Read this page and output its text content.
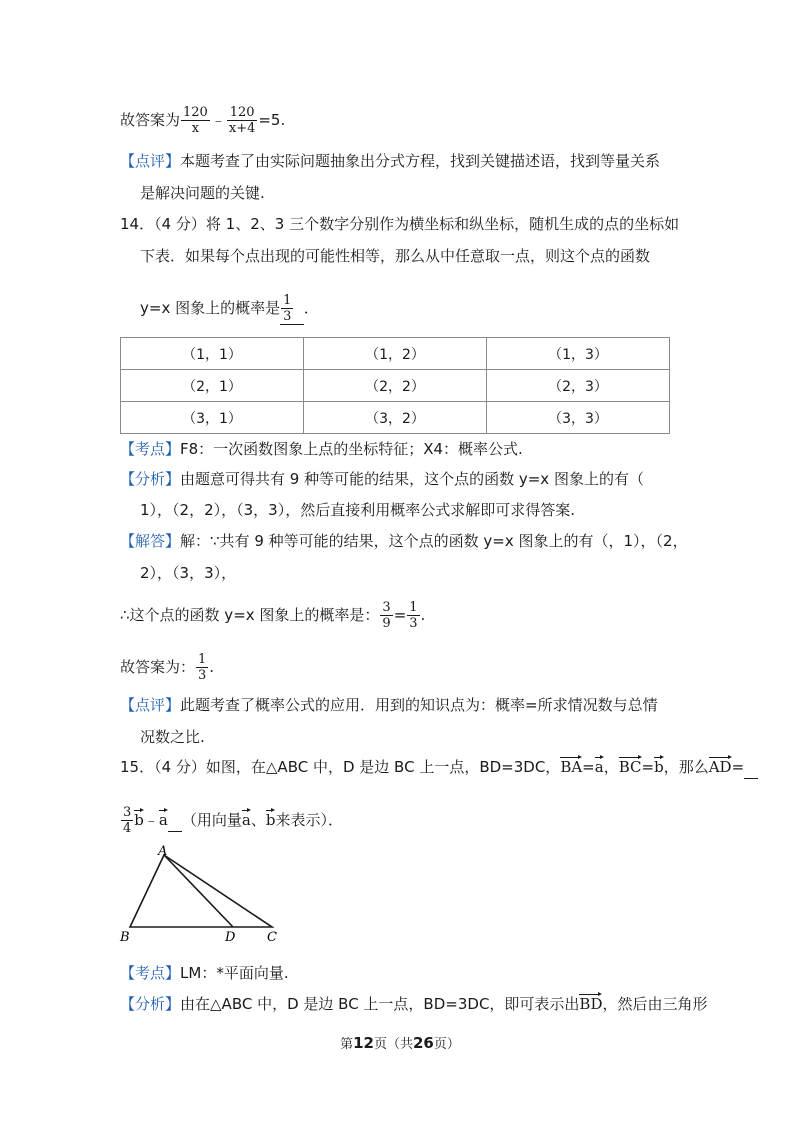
故答案为 $\frac{120}{x}$ ﹣ $\frac{120}{x+4} =5$.
【点评】本题考查了由实际问题抽象出分式方程，找到关键描述语，找到等量关系
是解决问题的关键.
14．（4 分）将 1、2、3 三个数字分别作为横坐标和纵坐标，随机生成的点的坐标如
下表．如果每个点出现的可能性相等，那么从中任意取一点，则这个点的函数
y=x 图象上的概率是 $\frac{1}{3}$ ．
（1，1）	（1，2）	（1，3）
（2，1）	（2，2）	（2，3）
（3，1）	（3，2）	（3，3）
【考点】F8：一次函数图象上点的坐标特征；X4：概率公式.
【分析】由题意可得共有 9 种等可能的结果，这个点的函数 y=x 图象上的有（
1），（2，2），（3，3），然后直接利用概率公式求解即可求得答案.
【解答】解：∵共有 9 种等可能的结果，这个点的函数 y=x 图象上的有（，1），（2，
2），（3，3），
∴这个点的函数 y=x 图象上的概率是： $\frac{3}{9} = \frac{1}{3}$ .
故答案为： $\frac{1}{3}$ .
【点评】此题考查了概率公式的应用．用到的知识点为：概率=所求情况数与总情
况数之比.
15．（4 分）如图，在△ABC 中，D 是边 BC 上一点，BD=3DC，
BA=
a，
BC=
b，那么
AD=
$\frac{3}{4}$ b﹣
a （用向量
a、
b来表示）．
A
B	D C
【考点】LM：*平面向量.
【分析】由在△ABC 中，D 是边 BC 上一点，BD=3DC，即可表示出
BD，然后由三角形
第12页（共26页）
